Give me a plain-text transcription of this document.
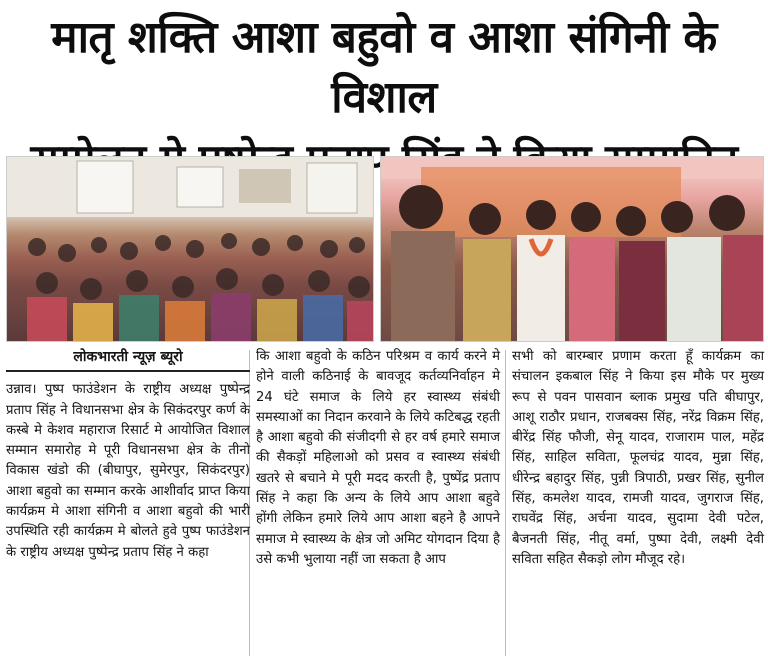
मातृ शक्ति आशा बहुवो व आशा संगिनी के विशाल
लोकभारती न्यूज़ ब्यूरो

उन्नाव। पुष्प फाउंडेशन के राष्ट्रीय अध्यक्ष पुष्पेन्द्र प्रताप सिंह ने विधानसभा क्षेत्र के सिकंदरपुर कर्ण के कस्बे मे केशव महाराज रिसार्ट मे आयोजित विशाल सम्मान समारोह मे पूरी विधानसभा क्षेत्र के तीनो विकास खंडो की (बीघापुर, सुमेरपुर, सिकंदरपुर) आशा बहुवो का सम्मान करके आशीर्वाद प्राप्त किया कार्यक्रम मे आशा संगिनी व आशा बहुवो की भारी उपस्थिति रही कार्यक्रम मे बोलते हुवे पुष्प फाउंडेशन के राष्ट्रीय अध्यक्ष पुष्पेन्द्र प्रताप सिंह ने कहा

कि आशा बहुवो के कठिन परिश्रम व कार्य करने मे होने वाली कठिनाई के बावजूद कर्तव्यनिर्वाहन मे 24 घंटे समाज के लिये हर स्वास्थ्य संबंधी समस्याओं का निदान करवाने के लिये कटिबद्ध रहती है आशा बहुवो की संजीदगी से हर वर्ष हमारे समाज की सैकड़ों महिलाओ को प्रसव व स्वास्थ्य संबंधी खतरे से बचाने मे पूरी मदद करती है, पुष्पेंद्र प्रताप सिंह ने कहा कि अन्य के लिये आप आशा बहुवे होंगी लेकिन हमारे लिये आप आशा बहने है आपने समाज मे स्वास्थ्य के क्षेत्र जो अमिट योगदान दिया है उसे कभी भुलाया नहीं जा सकता है आप

सभी को बारम्बार प्रणाम करता हूँ कार्यक्रम का संचालन इकबाल सिंह ने किया इस मौके पर मुख्य रूप से पवन पासवान ब्लाक प्रमुख पति बीघापुर, आशू राठौर प्रधान, राजबक्स सिंह, नरेंद्र विक्रम सिंह, बीरेंद्र सिंह फौजी, सेनू यादव, राजाराम पाल, महेंद्र सिंह, साहिल सविता, फूलचंद्र यादव, मुन्ना सिंह, धीरेन्द्र बहादुर सिंह, पुन्नी त्रिपाठी, प्रखर सिंह, सुनील सिंह, कमलेश यादव, रामजी यादव, जुगराज सिंह, राघवेंद्र सिंह, अर्चना यादव, सुदामा देवी पटेल, बैजनती सिंह, नीतू वर्मा, पुष्पा देवी, लक्ष्मी देवी सविता सहित सैकड़ो लोग मौजूद रहे।
